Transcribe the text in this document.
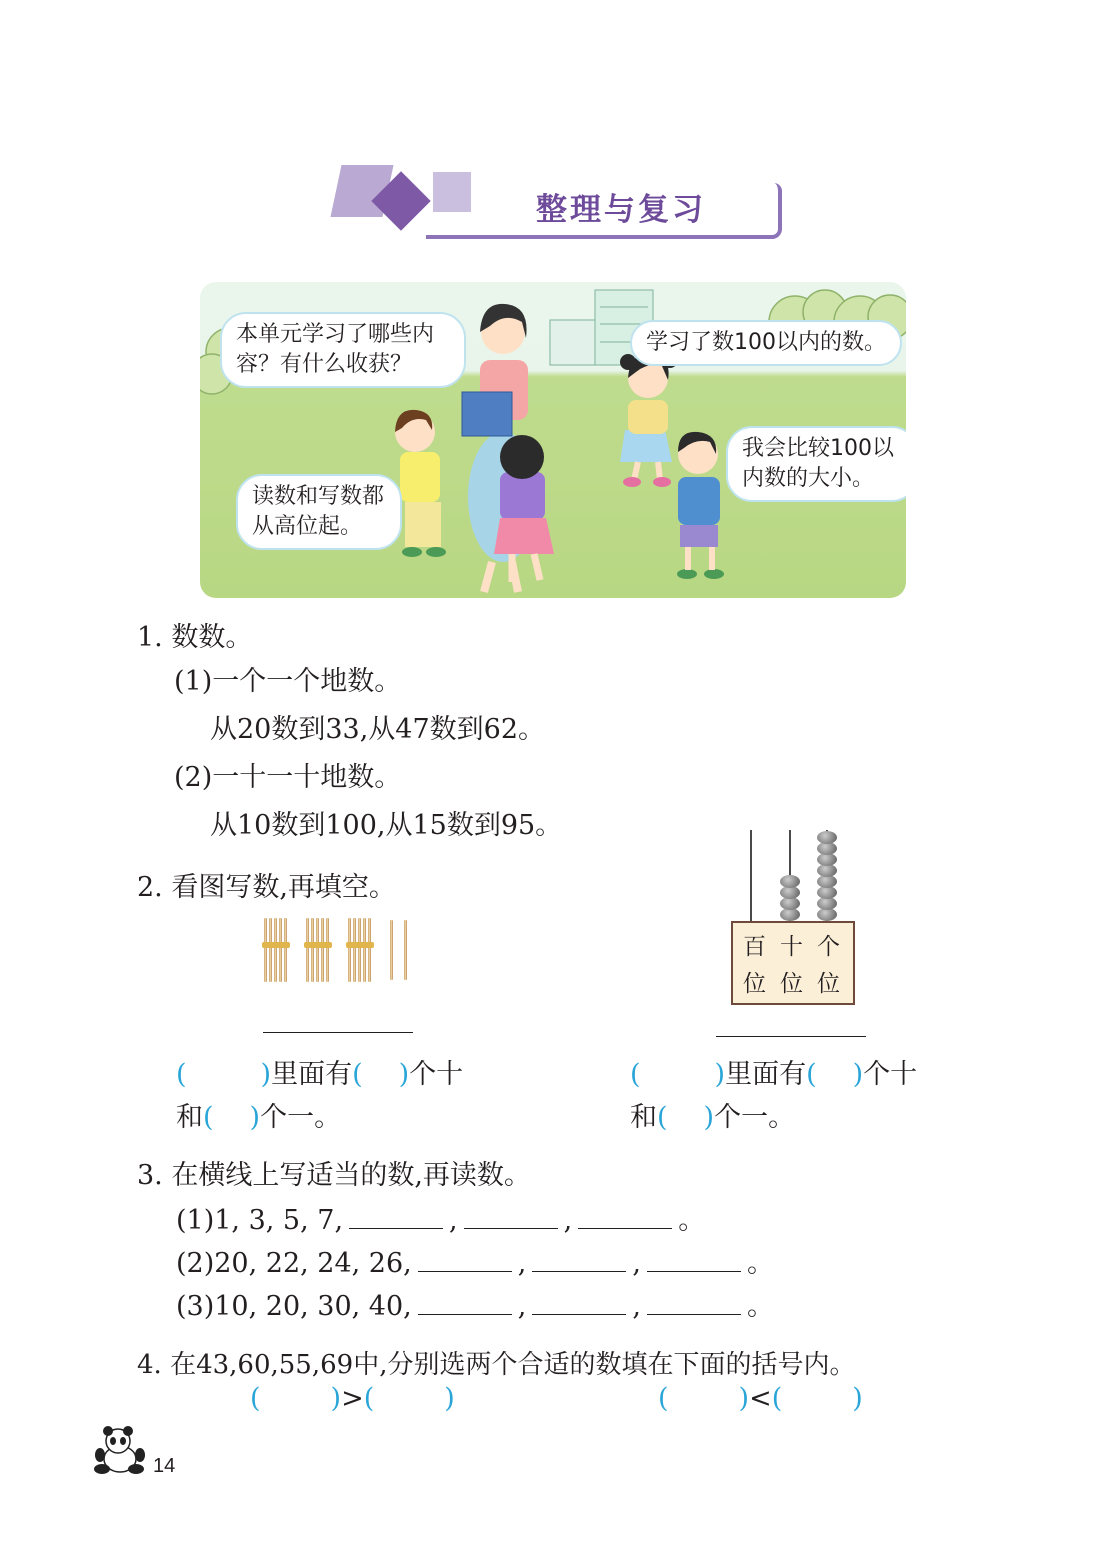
整理与复习
本单元学习了哪些内容？有什么收获？
学习了数100以内的数。
读数和写数都从高位起。
我会比较100以内数的大小。
1. 数数。
(1)一个一个地数。
从20数到33,从47数到62。
(2)一十一十地数。
从10数到100,从15数到95。
2. 看图写数,再填空。
百 十 个
位 位 位
(	)里面有( )个十
和( )个一。
(	)里面有( )个十
和( )个一。
3. 在横线上写适当的数,再读数。
(1)1, 3, 5, 7,	,	,	。
(2)20, 22, 24, 26,	,	,	。
(3)10, 20, 30, 40,	,	,	。
4. 在43,60,55,69中,分别选两个合适的数填在下面的括号内。
(	)>(	)	(	)<(	)
14
